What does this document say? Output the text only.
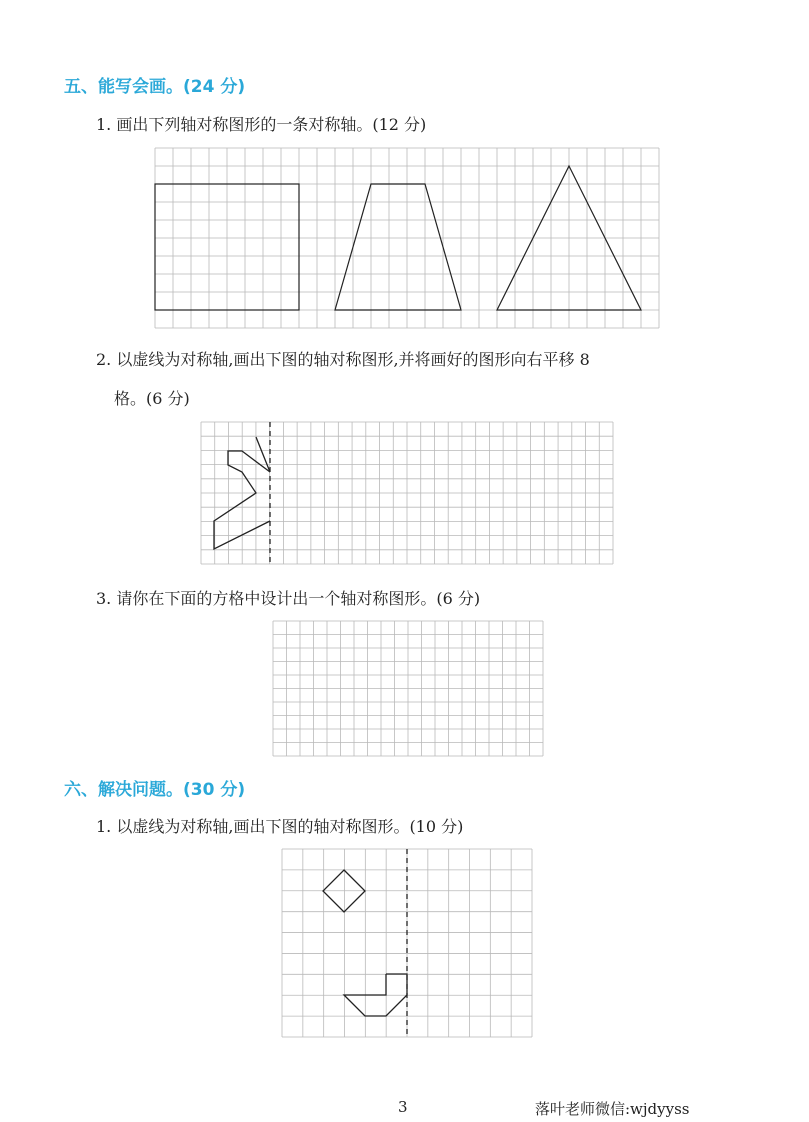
五、能写会画。(24 分)
1. 画出下列轴对称图形的一条对称轴。(12 分)
2. 以虚线为对称轴,画出下图的轴对称图形,并将画好的图形向右平移 8
格。(6 分)
3. 请你在下面的方格中设计出一个轴对称图形。(6 分)
六、解决问题。(30 分)
1. 以虚线为对称轴,画出下图的轴对称图形。(10 分)
3	落叶老师微信:wjdyyss
